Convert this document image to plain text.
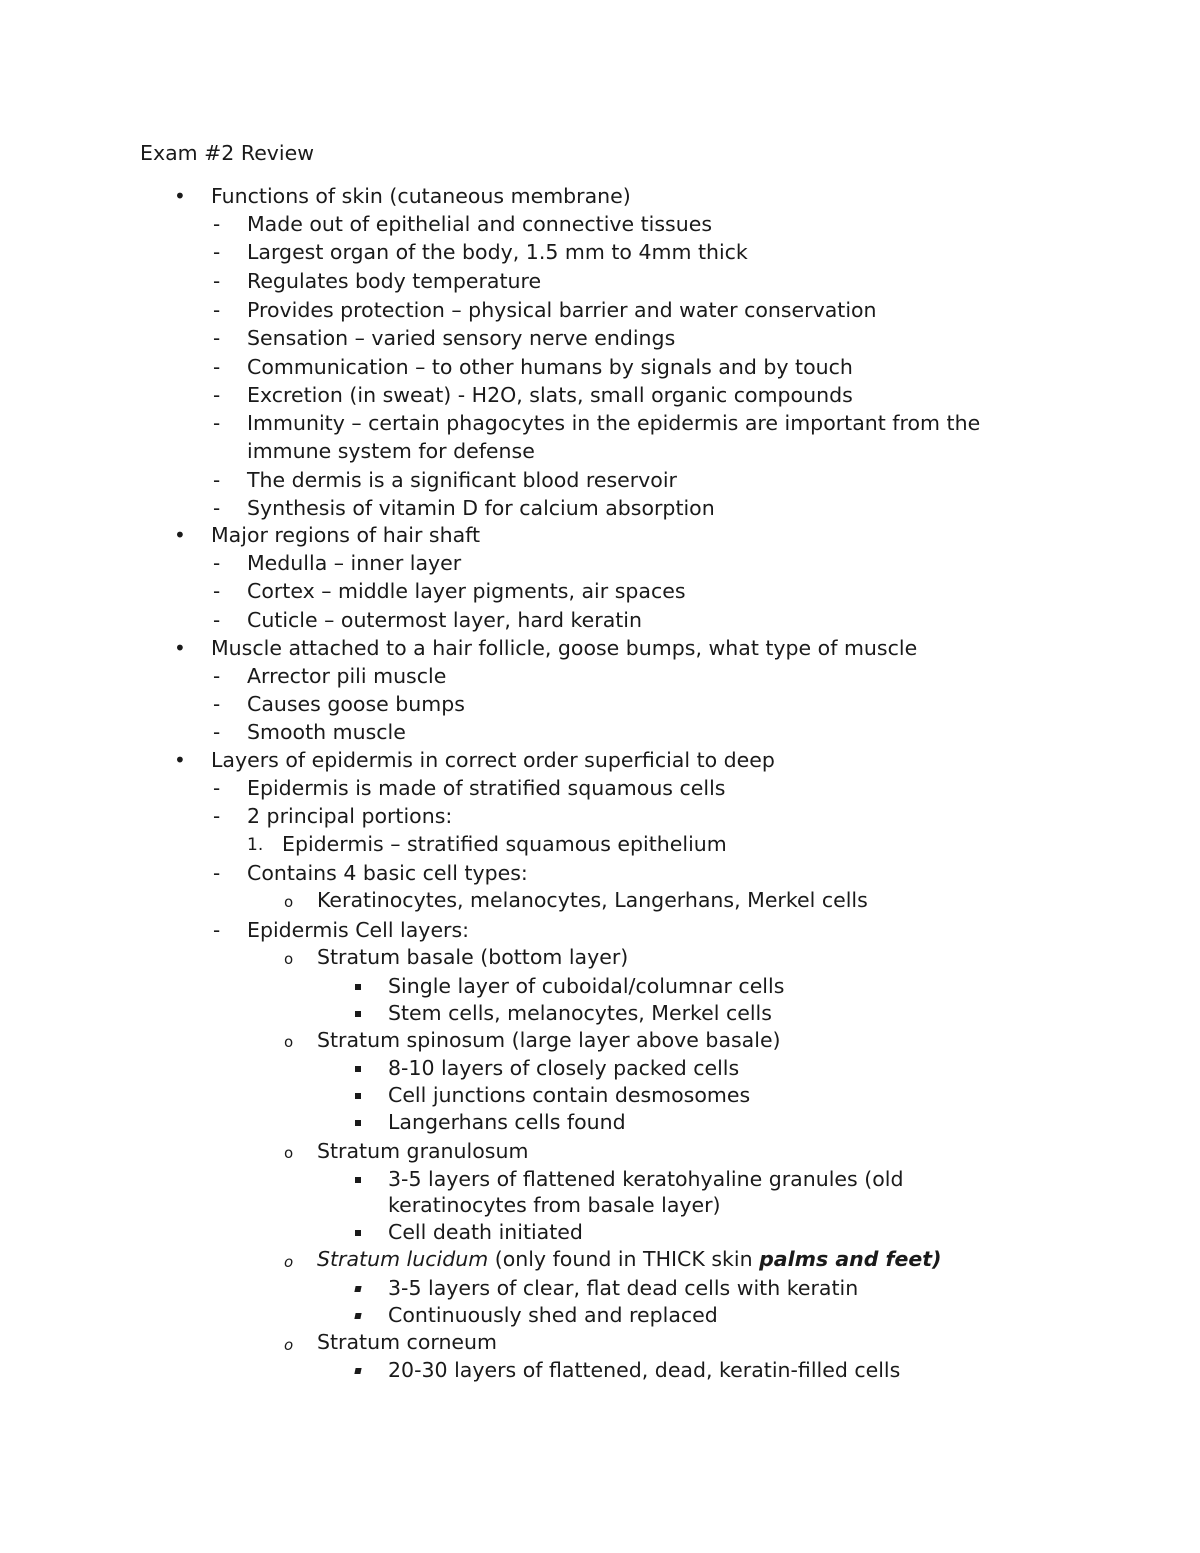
Exam #2 Review
• Functions of skin (cutaneous membrane)
- Made out of epithelial and connective tissues
- Largest organ of the body, 1.5 mm to 4mm thick
- Regulates body temperature
- Provides protection – physical barrier and water conservation
- Sensation – varied sensory nerve endings
- Communication – to other humans by signals and by touch
- Excretion (in sweat) - H2O, slats, small organic compounds
- Immunity – certain phagocytes in the epidermis are important from the
immune system for defense
- The dermis is a significant blood reservoir
- Synthesis of vitamin D for calcium absorption
• Major regions of hair shaft
- Medulla – inner layer
- Cortex – middle layer pigments, air spaces
- Cuticle – outermost layer, hard keratin
• Muscle attached to a hair follicle, goose bumps, what type of muscle
- Arrector pili muscle
- Causes goose bumps
- Smooth muscle
• Layers of epidermis in correct order superficial to deep
- Epidermis is made of stratified squamous cells
- 2 principal portions:
1. Epidermis – stratified squamous epithelium
- Contains 4 basic cell types:
o Keratinocytes, melanocytes, Langerhans, Merkel cells
- Epidermis Cell layers:
o Stratum basale (bottom layer)
Single layer of cuboidal/columnar cells
Stem cells, melanocytes, Merkel cells
o Stratum spinosum (large layer above basale)
8-10 layers of closely packed cells
Cell junctions contain desmosomes
Langerhans cells found
o Stratum granulosum
3-5 layers of flattened keratohyaline granules (old
keratinocytes from basale layer)
Cell death initiated
o Stratum lucidum (only found in THICK skin palms and feet)
3-5 layers of clear, flat dead cells with keratin
Continuously shed and replaced
o Stratum corneum
20-30 layers of flattened, dead, keratin-filled cells
